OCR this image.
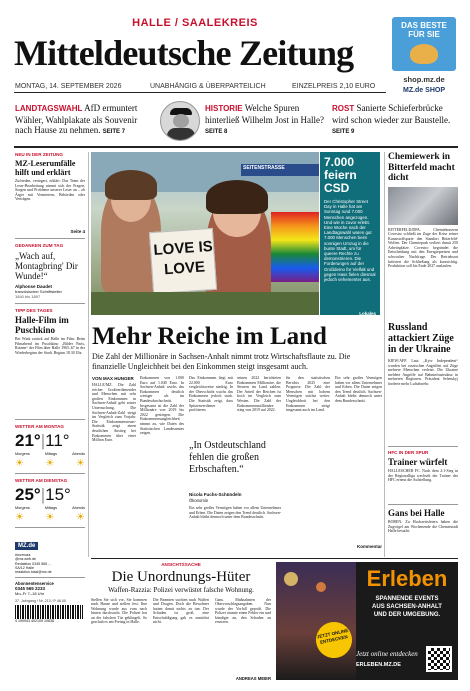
HALLE / SAALEKREIS
Mitteldeutsche Zeitung
MONTAG, 14. SEPTEMBER 2026	UNABHÄNGIG & ÜBERPARTEILICH	EINZELPREIS 2,10 EURO
DAS BESTE
FÜR SIE
shop.mz.de
MZ.de SHOP
LANDTAGSWAHL AfD ermuntert Wähler, Wahlplakate als Souvenir nach Hause zu nehmen. SEITE 7
HISTORIE Welche Spuren hinterließ Wilhelm Jost in Halle? SEITE 8
ROST Sanierte Schieferbrücke wird schon wieder zur Baustelle. SEITE 9
NEU IN DER ZEITUNG
MZ-Leserumfälle hilft und erklärt
Zufrieden, verärgert, erklärt: Das Team der Leser-Bearbeitung nimmt sich der Fragen, Sorgen und Probleme unserer Leser an – ob Ärger mit Vermietern, Behörden oder Verträgen.
Seite 4
GEDANKEN ZUM TAG
„Wach auf, Montagbring' Dir Wunde!“
Alphonse Daudet
französischer Schriftsteller
1840 bis 1897
TIPP DES TAGES
Halle-Film im Puschkino
Bei Wink zurück auf Halle im Film: Beim Filmabend im Puschkino „Bilder Paris, Ruinen“ der Film über Halle 1965–67 in der Wiederbeginn der Stadt. Beginn 18.30 Uhr.
WETTER AM MONTAG
21°|11°
Morgens	Mittags	Abends
☀ ☀ ☀
WETTER AM DIENSTAG
25°|15°
Morgens	Mittags	Abends
☀ ☀ ☀
MZ.de
#mzmuss
@mz.web.de
Redaktion 0345 565 ...
SA/12 Halle
redaktion.lokal@mz.de
Abonnentenservice
0345 565 2233
Mo–Fr 7–18 Uhr
37. Jahrgang / Nr. 213 / P 46.00
4 190943 402109 10838
SEITENSTRASSE
LOVE IS LOVE
7.000 feiern CSD
Der Christopher Street Day in Halle hat am Sonntag rund 7.000 Menschen angezogen. Und wie in zuvor erlebt. Eine Woche nach der Landtagswahl waren gut 7.000 Menschen beim sonnigen Umzug in die bunte Stadt, um für queere Rechte zu demonstrieren. Die Forderungen auf der Großdemo für Vielfalt und gegen Hass fielen diesmal jedoch vehementer aus.
Lokales
Chemiewerk in Bitterfeld macht dicht
BITTERFELD/DPA. Chemiekonzern Covestro schließt im Zuge der Krise seiner Kunststoffsparte den Standort Bitterfeld-Wolfen. Der Chemiepark verliert damit 250 Arbeitsplätze. Covestro begründet die Entscheidung mit den Energiepreisen und schwacher Nachfrage. Der Betriebsrat kritisiert die Schließung als kurzsichtig. Produktion soll bis Ende 2027 auslaufen.
Mehr Reiche im Land
Die Zahl der Millionäre in Sachsen-Anhalt nimmt trotz Wirtschaftsflaute zu. Die finanzielle Ungleichheit bei den Einkommen steigt insgesamt auch.
VON MAX HUNGER
HALLE/MZ. Die Zahl reicher Großverdienender und Menschen mit sehr großen Einkommen in Sachsen-Anhalt geht seiner Untersuchung. Die Sachsen-Anhalt-Zahl steigt im Vergleich zum Vorjahr. Die Einkommensteuer-Statistik zeigt einen deutlichen Anstieg bei Einkommen über einer Million Euro.
Einkommen von 1.000 Euro auf 1.040 Euro. In Sachsen-Anhalt wuchs das Einkommen deutlich weniger als im Bundesdurchschnitt. Insgesamt ist die Zahl der Millionäre von 2019 bis 2022 gestiegen. Die Einkommensungleichheit nimmt zu, wie Daten des Statistischen Landesamtes zeigen.
Das Einkommen liegt mit 22.000 Euro vergleichsweise niedrig. In der Oberschicht wuchs das Einkommen jedoch stark. Die Statistik zeigt, dass Spitzenverdiener profitieren.
„In Ostdeutschland fehlen die großen Erbschaften.“
Nicola Fuchs-Schündeln
Ökonomin
seinen 2022 berichteten Einkommen Millionäre, die Steuern im Land zahlen. Der Anteil der Reichen ist hoch im Vergleich zum Westen. Die Zahl der Einkommensmillionäre stieg von 2019 auf 2022.
Ein sehr großes Vermögen haben vor allem Unternehmer und Erben. Die Daten zeigen den Trend deutlich. Sachsen-Anhalt bleibt dennoch unter dem Bundesschnitt.
für den statistischen Berichts 2025 eine Prognose. Die Zahl der Menschen mit hohem Vermögen wächst weiter. Ungleichheit bei den Einkommen steigt insgesamt auch im Land.
Ein sehr großes Vermögen haben vor allem Unternehmer und Erben. Die Daten zeigen den Trend deutlich. Sachsen-Anhalt bleibt dennoch unter dem Bundesschnitt.
Kommentar
Russland attackiert Züge in der Ukraine
KIEW/AFP. Laut „Kyiv Independent“ wurden bei russischen Angriffen auf Züge mehrere Menschen verletzt. Die Ukraine meldete Angriffe auf Bahninfrastruktur in mehreren Regionen. Präsident Selenskyj forderte mehr Luftabwehr.
HFC IN DER SPUR
Trainer würfelt
HALLESCHER FC. Nach dem 2:1-Sieg in der Regionalliga wechselt der Trainer des HFC erneut die Aufstellung.
Gans bei Halle
BOREN. Zu Hochzeitsfeiern haben die Zugvögel am Wochenende die Chemiestadt Halle besucht.
ANSICHTSSACHE
Die Unordnungs-Hüter
Waffen-Razzia: Polizei verwüstet falsche Wohnung.
Stellen Sie sich vor, Sie kommen nach Hause und stellen fest: Ihre Wohnung wurde aus vom nach hinten durchsucht. Die Polizei hat an der falschen Tür geklingelt. So geschah es am Freitag in Halle.
Die Beamten suchten nach Waffen und Drogen. Doch die Bewohner hatten damit nichts zu tun. Der Schaden ist groß, eine Entschuldigung gab es zunächst nicht.
Gans. Maßnahmen der Obervorschlagsangaben. Nun wurde der Vorfall geprüft. Die Polizei räumte einen Fehler ein und kündigte an, den Schaden zu ersetzen.
ANDREAS MEIER
Erleben
SPANNENDE EVENTS
AUS SACHSEN-ANHALT
UND DER UMGEBUNG.
JETZT ONLINE ENTDECKEN
Jetzt online entdecken
ERLEBEN.MZ.DE
